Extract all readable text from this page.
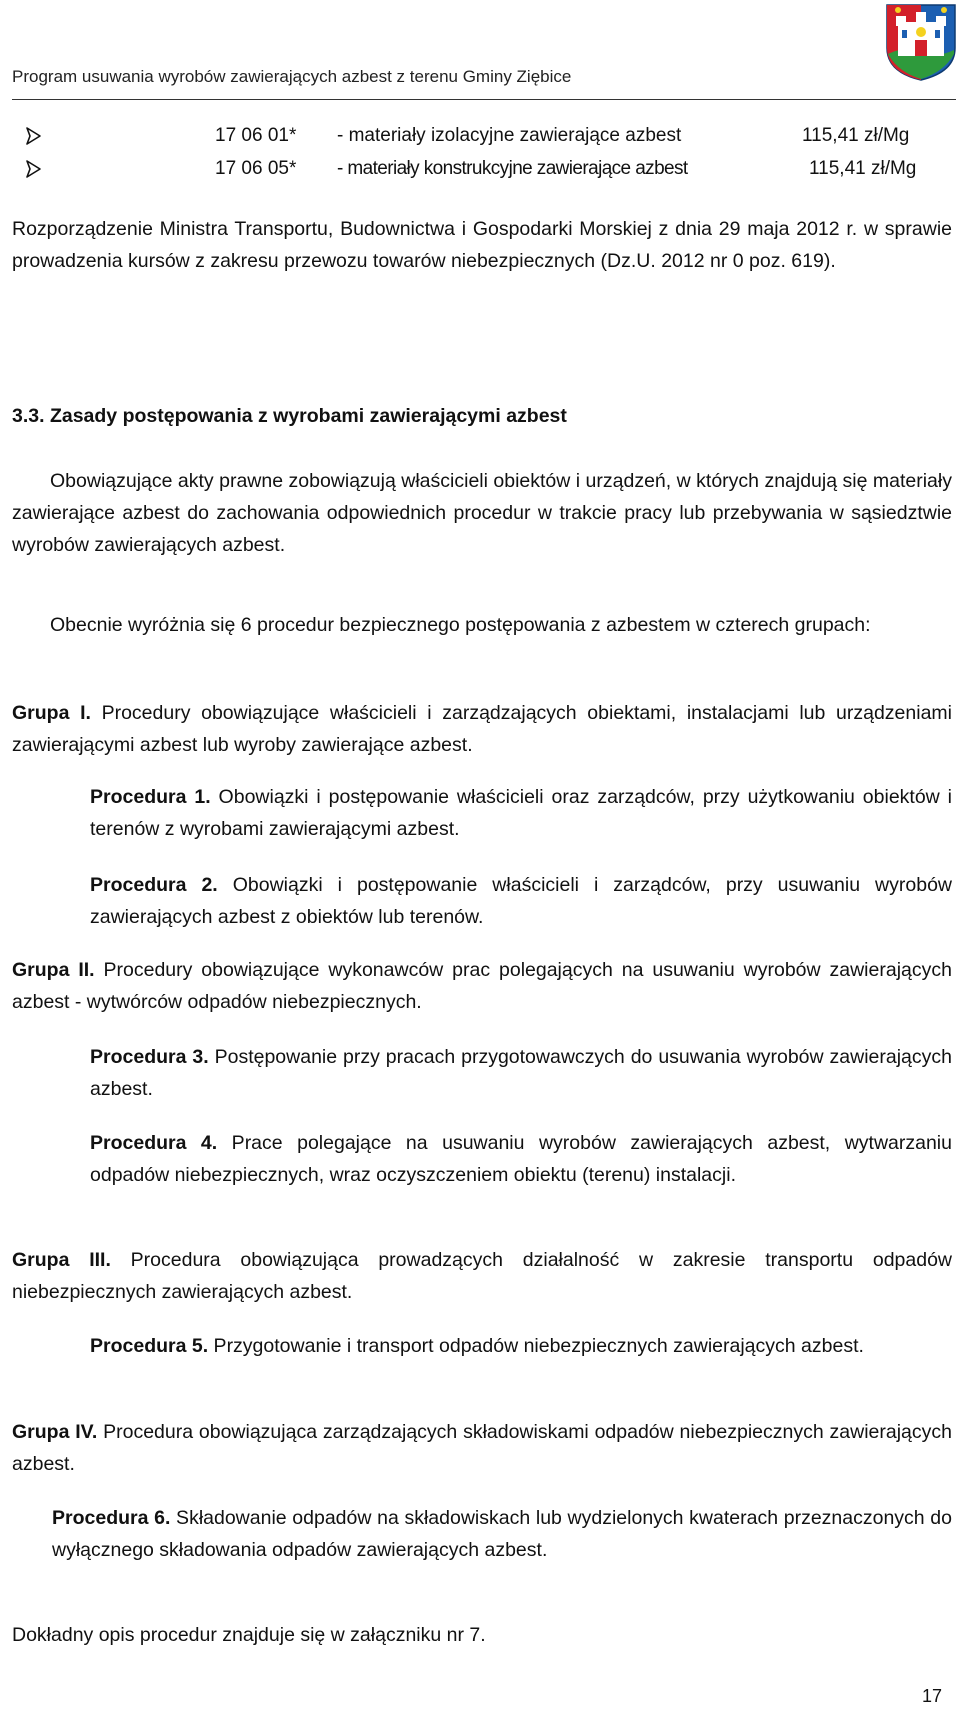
Program usuwania wyrobów zawierających azbest z terenu Gminy Ziębice
17 06 01* - materiały izolacyjne zawierające azbest	115,41 zł/Mg
17 06 05* - materiały konstrukcyjne zawierające azbest	115,41 zł/Mg
Rozporządzenie Ministra Transportu, Budownictwa i Gospodarki Morskiej z dnia 29 maja 2012 r. w sprawie prowadzenia kursów z zakresu przewozu towarów niebezpiecznych (Dz.U. 2012 nr 0 poz. 619).
3.3. Zasady postępowania z wyrobami zawierającymi azbest
Obowiązujące akty prawne zobowiązują właścicieli obiektów i urządzeń, w których znajdują się materiały zawierające azbest do zachowania odpowiednich procedur w trakcie pracy lub przebywania w sąsiedztwie wyrobów zawierających azbest.
Obecnie wyróżnia się 6 procedur bezpiecznego postępowania z azbestem w czterech grupach:
Grupa I. Procedury obowiązujące właścicieli i zarządzających obiektami, instalacjami lub urządzeniami zawierającymi azbest lub wyroby zawierające azbest.
Procedura 1. Obowiązki i postępowanie właścicieli oraz zarządców, przy użytkowaniu obiektów i terenów z wyrobami zawierającymi azbest.
Procedura 2. Obowiązki i postępowanie właścicieli i zarządców, przy usuwaniu wyrobów zawierających azbest z obiektów lub terenów.
Grupa II. Procedury obowiązujące wykonawców prac polegających na usuwaniu wyrobów zawierających azbest - wytwórców odpadów niebezpiecznych.
Procedura 3. Postępowanie przy pracach przygotowawczych do usuwania wyrobów zawierających azbest.
Procedura 4. Prace polegające na usuwaniu wyrobów zawierających azbest, wytwarzaniu odpadów niebezpiecznych, wraz oczyszczeniem obiektu (terenu) instalacji.
Grupa III. Procedura obowiązująca prowadzących działalność w zakresie transportu odpadów niebezpiecznych zawierających azbest.
Procedura 5. Przygotowanie i transport odpadów niebezpiecznych zawierających azbest.
Grupa IV. Procedura obowiązująca zarządzających składowiskami odpadów niebezpiecznych zawierających azbest.
Procedura 6. Składowanie odpadów na składowiskach lub wydzielonych kwaterach przeznaczonych do wyłącznego składowania odpadów zawierających azbest.
Dokładny opis procedur znajduje się w załączniku nr 7.
17
